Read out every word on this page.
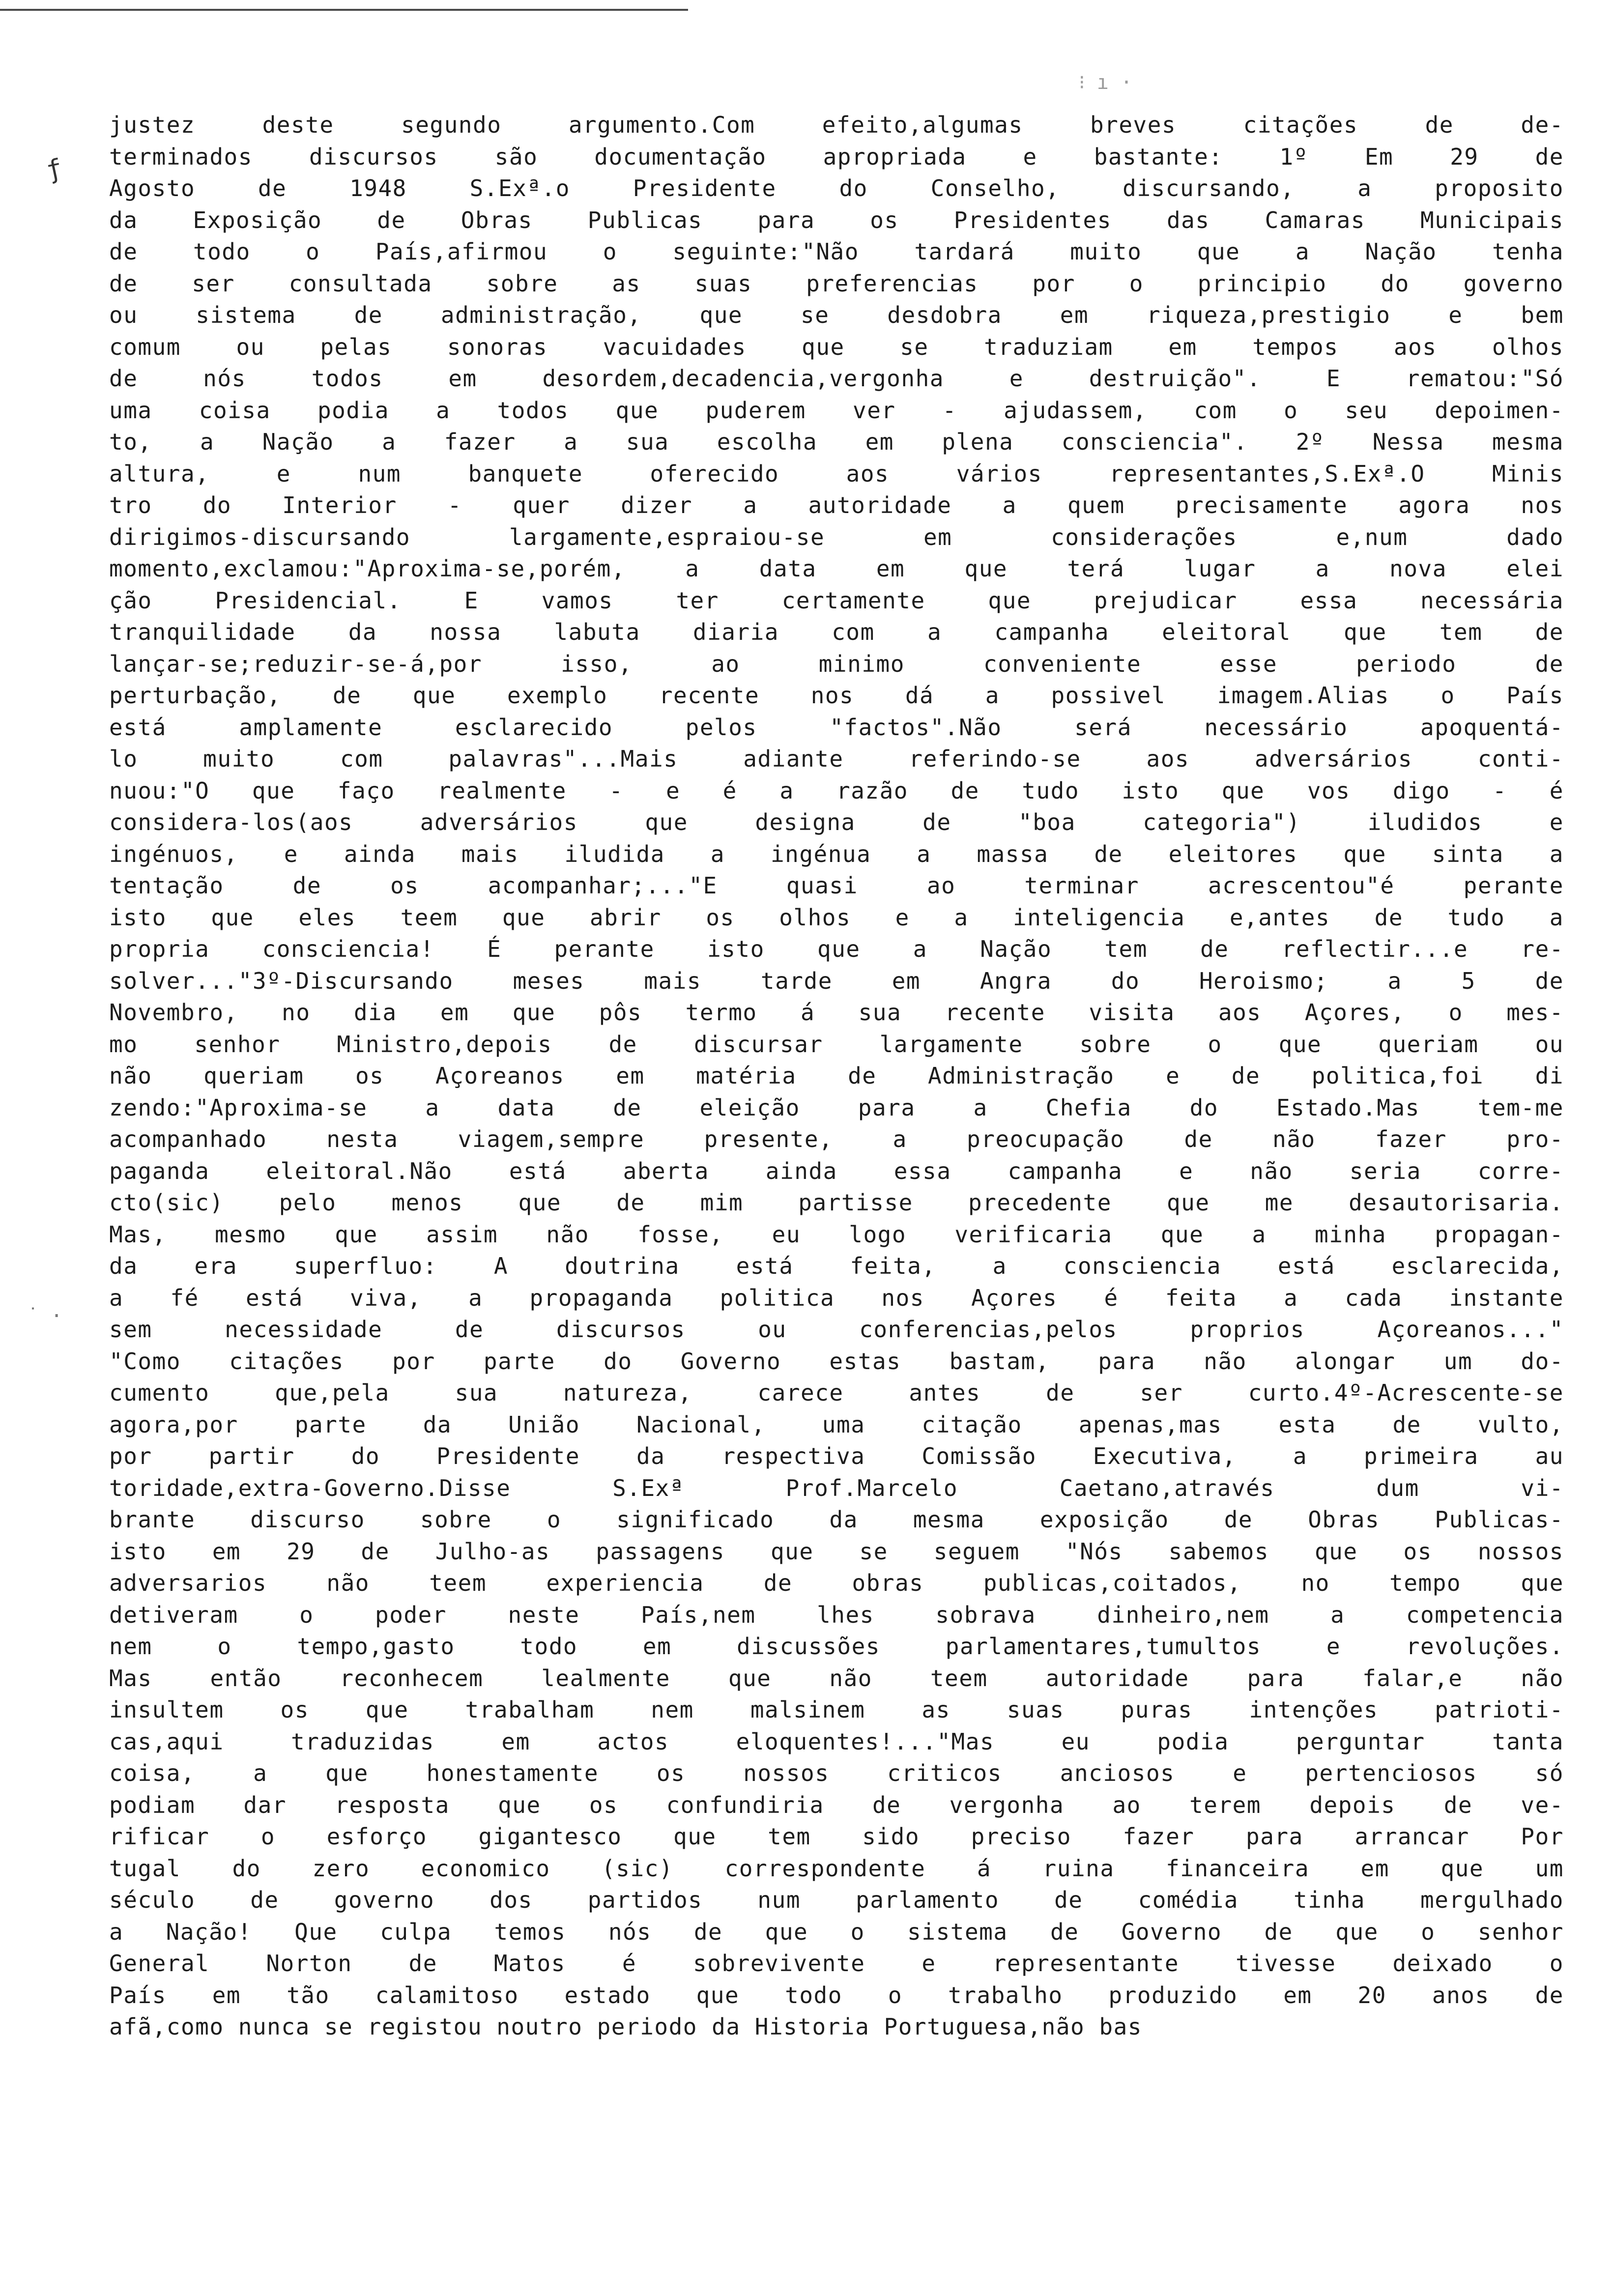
⁝ ı ·
ƒ
˙ ·
justez deste segundo argumento.Com efeito,algumas breves citações de de-
terminados discursos são documentação apropriada e bastante: 1º Em 29 de
Agosto de 1948 S.Exª.o Presidente do Conselho, discursando, a proposito
da Exposição de Obras Publicas para os Presidentes das Camaras Municipais
de todo o País,afirmou o seguinte:"Não tardará muito que a Nação tenha
de ser consultada sobre as suas preferencias por o principio do governo
ou sistema de administração, que se desdobra em riqueza,prestigio e bem
comum ou pelas sonoras vacuidades que se traduziam em tempos aos olhos
de nós todos em desordem,decadencia,vergonha e destruição". E rematou:"Só
uma coisa podia a todos que puderem ver - ajudassem, com o seu depoimen-
to, a Nação a fazer a sua escolha em plena consciencia". 2º Nessa mesma
altura, e num banquete oferecido aos vários representantes,S.Exª.O Minis
tro do Interior - quer dizer a autoridade a quem precisamente agora nos
dirigimos-discursando largamente,espraiou-se em considerações e,num dado
momento,exclamou:"Aproxima-se,porém, a data em que terá lugar a nova elei
ção Presidencial. E vamos ter certamente que prejudicar essa necessária
tranquilidade da nossa labuta diaria com a campanha eleitoral que tem de
lançar-se;reduzir-se-á,por isso, ao minimo conveniente esse periodo de
perturbação, de que exemplo recente nos dá a possivel imagem.Alias o País
está amplamente esclarecido pelos "factos".Não será necessário apoquentá-
lo muito com palavras"...Mais adiante referindo-se aos adversários conti-
nuou:"O que faço realmente - e é a razão de tudo isto que vos digo - é
considera-los(aos adversários que designa de "boa categoria") iludidos e
ingénuos, e ainda mais iludida a ingénua a massa de eleitores que sinta a
tentação de os acompanhar;..."E quasi ao terminar acrescentou"é perante
isto que eles teem que abrir os olhos e a inteligencia e,antes de tudo a
propria consciencia! É perante isto que a Nação tem de reflectir...e re-
solver..."3º-Discursando meses mais tarde em Angra do Heroismo; a 5 de
Novembro, no dia em que pôs termo á sua recente visita aos Açores, o mes-
mo senhor Ministro,depois de discursar largamente sobre o que queriam ou
não queriam os Açoreanos em matéria de Administração e de politica,foi di
zendo:"Aproxima-se a data de eleição para a Chefia do Estado.Mas tem-me
acompanhado nesta viagem,sempre presente, a preocupação de não fazer pro-
paganda eleitoral.Não está aberta ainda essa campanha e não seria corre-
cto(sic) pelo menos que de mim partisse precedente que me desautorisaria.
Mas, mesmo que assim não fosse, eu logo verificaria que a minha propagan-
da era superfluo: A doutrina está feita, a consciencia está esclarecida,
a fé está viva, a propaganda politica nos Açores é feita a cada instante
sem necessidade de discursos ou conferencias,pelos proprios Açoreanos..."
"Como citações por parte do Governo estas bastam, para não alongar um do-
cumento que,pela sua natureza, carece antes de ser curto.4º-Acrescente-se
agora,por parte da União Nacional, uma citação apenas,mas esta de vulto,
por partir do Presidente da respectiva Comissão Executiva, a primeira au
toridade,extra-Governo.Disse S.Exª Prof.Marcelo Caetano,através dum vi-
brante discurso sobre o significado da mesma exposição de Obras Publicas-
isto em 29 de Julho-as passagens que se seguem "Nós sabemos que os nossos
adversarios não teem experiencia de obras publicas,coitados, no tempo que
detiveram o poder neste País,nem lhes sobrava dinheiro,nem a competencia
nem o tempo,gasto todo em discussões parlamentares,tumultos e revoluções.
Mas então reconhecem lealmente que não teem autoridade para falar,e não
insultem os que trabalham nem malsinem as suas puras intenções patrioti-
cas,aqui traduzidas em actos eloquentes!..."Mas eu podia perguntar tanta
coisa, a que honestamente os nossos criticos anciosos e pertenciosos só
podiam dar resposta que os confundiria de vergonha ao terem depois de ve-
rificar o esforço gigantesco que tem sido preciso fazer para arrancar Por
tugal do zero economico (sic) correspondente á ruina financeira em que um
século de governo dos partidos num parlamento de comédia tinha mergulhado
a Nação! Que culpa temos nós de que o sistema de Governo de que o senhor
General Norton de Matos é sobrevivente e representante tivesse deixado o
País em tão calamitoso estado que todo o trabalho produzido em 20 anos de
afã,como nunca se registou noutro periodo da Historia Portuguesa,não bas
